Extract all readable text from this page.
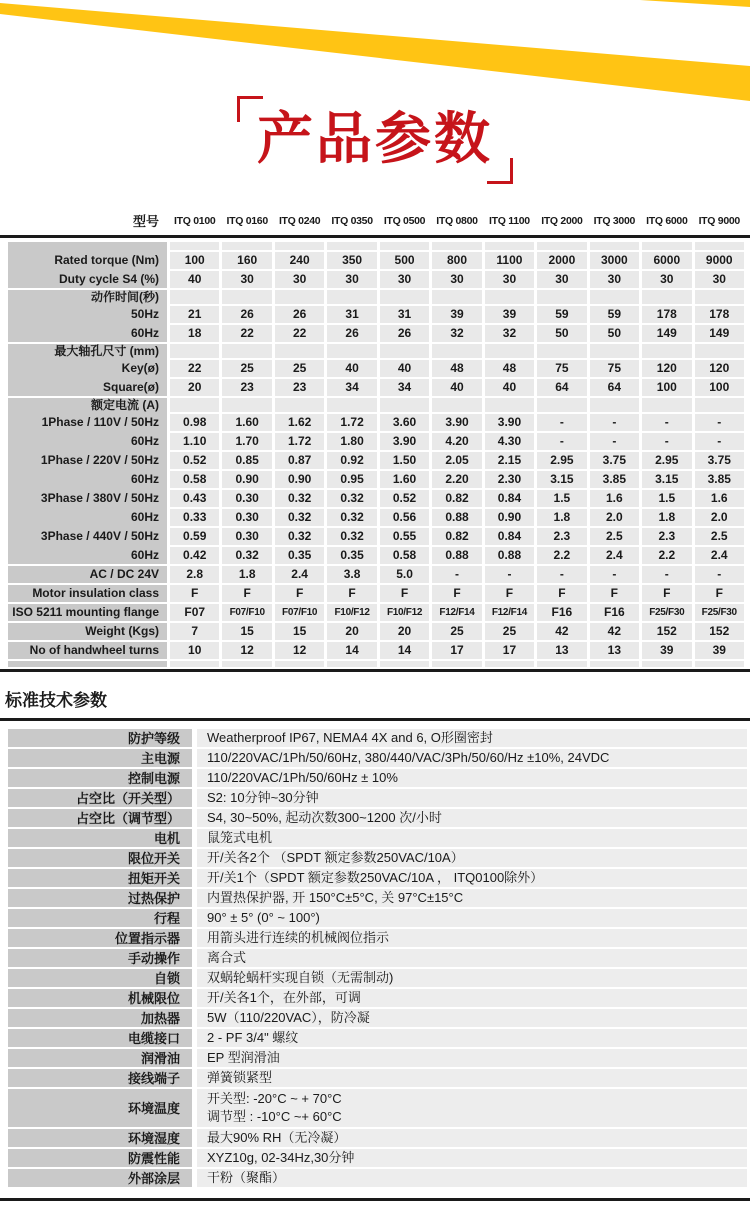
产品参数
型号	ITQ 0100	ITQ 0160	ITQ 0240	ITQ 0350	ITQ 0500	ITQ 0800	ITQ 1100	ITQ 2000	ITQ 3000	ITQ 6000	ITQ 9000
Rated torque (Nm)	100	160	240	350	500	800	1100	2000	3000	6000	9000
Duty cycle S4 (%)	40	30	30	30	30	30	30	30	30	30	30
动作时间(秒)
50Hz	21	26	26	31	31	39	39	59	59	178	178
60Hz	18	22	22	26	26	32	32	50	50	149	149
最大轴孔尺寸 (mm)
Key(ø)	22	25	25	40	40	48	48	75	75	120	120
Square(ø)	20	23	23	34	34	40	40	64	64	100	100
额定电流 (A)
1Phase / 110V / 50Hz	0.98	1.60	1.62	1.72	3.60	3.90	3.90	-	-	-	-
60Hz	1.10	1.70	1.72	1.80	3.90	4.20	4.30	-	-	-	-
1Phase / 220V / 50Hz	0.52	0.85	0.87	0.92	1.50	2.05	2.15	2.95	3.75	2.95	3.75
60Hz	0.58	0.90	0.90	0.95	1.60	2.20	2.30	3.15	3.85	3.15	3.85
3Phase / 380V / 50Hz	0.43	0.30	0.32	0.32	0.52	0.82	0.84	1.5	1.6	1.5	1.6
60Hz	0.33	0.30	0.32	0.32	0.56	0.88	0.90	1.8	2.0	1.8	2.0
3Phase / 440V / 50Hz	0.59	0.30	0.32	0.32	0.55	0.82	0.84	2.3	2.5	2.3	2.5
60Hz	0.42	0.32	0.35	0.35	0.58	0.88	0.88	2.2	2.4	2.2	2.4
AC / DC 24V	2.8	1.8	2.4	3.8	5.0	-	-	-	-	-	-
Motor insulation class	F	F	F	F	F	F	F	F	F	F	F
ISO 5211 mounting flange	F07	F07/F10	F07/F10	F10/F12	F10/F12	F12/F14	F12/F14	F16	F16	F25/F30	F25/F30
Weight (Kgs)	7	15	15	20	20	25	25	42	42	152	152
No of handwheel turns	10	12	12	14	14	17	17	13	13	39	39
标准技术参数
防护等级	Weatherproof IP67, NEMA4 4X and 6, O形圈密封
主电源	110/220VAC/1Ph/50/60Hz, 380/440/VAC/3Ph/50/60/Hz ±10%, 24VDC
控制电源	110/220VAC/1Ph/50/60Hz ± 10%
占空比（开关型）	S2: 10分钟~30分钟
占空比（调节型）	S4, 30~50%, 起动次数300~1200 次/小时
电机	鼠笼式电机
限位开关	开/关各2个 （SPDT 额定参数250VAC/10A）
扭矩开关	开/关1个（SPDT 额定参数250VAC/10A ， ITQ0100除外）
过热保护	内置热保护器, 开 150°C±5°C, 关 97°C±15°C
行程	90° ± 5° (0° ~ 100°)
位置指示器	用箭头进行连续的机械阀位指示
手动操作	离合式
自锁	双蜗轮蜗杆实现自锁（无需制动)
机械限位	开/关各1个，在外部，可调
加热器	5W（110/220VAC），防冷凝
电缆接口	2 - PF 3/4" 螺纹
润滑油	EP 型润滑油
接线端子	弹簧锁紧型
环境温度
开关型: -20°C ~ + 70°C
调节型 : -10°C ~+ 60°C
环境湿度	最大90% RH（无冷凝）
防震性能	XYZ10g, 02-34Hz,30分钟
外部涂层	干粉（聚酯）
